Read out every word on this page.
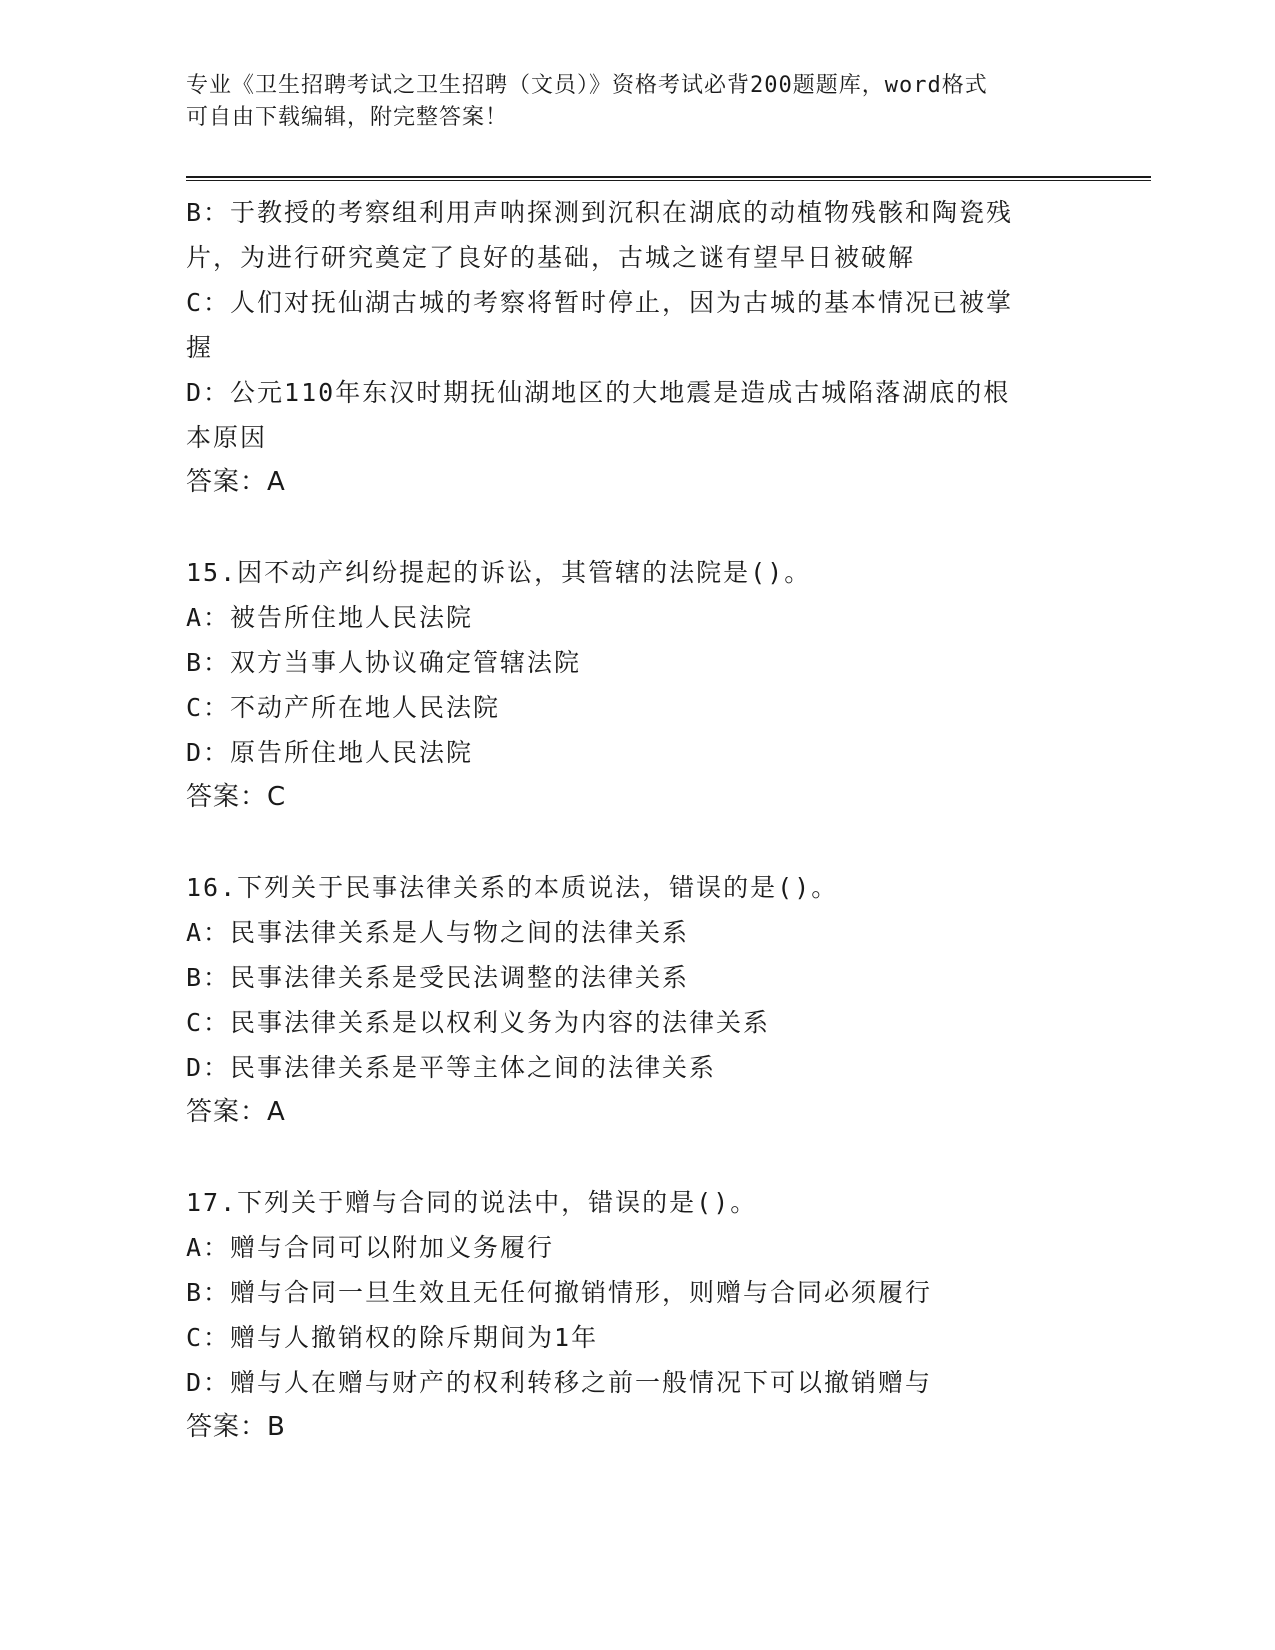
专业《卫生招聘考试之卫生招聘（文员）》资格考试必背200题题库，word格式

可自由下载编辑，附完整答案！

B：于教授的考察组利用声呐探测到沉积在湖底的动植物残骸和陶瓷残

片，为进行研究奠定了良好的基础，古城之谜有望早日被破解

C：人们对抚仙湖古城的考察将暂时停止，因为古城的基本情况已被掌

握

D：公元110年东汉时期抚仙湖地区的大地震是造成古城陷落湖底的根

本原因

答案：A

15.因不动产纠纷提起的诉讼，其管辖的法院是()。

A：被告所住地人民法院

B：双方当事人协议确定管辖法院

C：不动产所在地人民法院

D：原告所住地人民法院

答案：C

16.下列关于民事法律关系的本质说法，错误的是()。

A：民事法律关系是人与物之间的法律关系

B：民事法律关系是受民法调整的法律关系

C：民事法律关系是以权利义务为内容的法律关系

D：民事法律关系是平等主体之间的法律关系

答案：A

17.下列关于赠与合同的说法中，错误的是()。

A：赠与合同可以附加义务履行

B：赠与合同一旦生效且无任何撤销情形，则赠与合同必须履行

C：赠与人撤销权的除斥期间为1年

D：赠与人在赠与财产的权利转移之前一般情况下可以撤销赠与

答案：B
